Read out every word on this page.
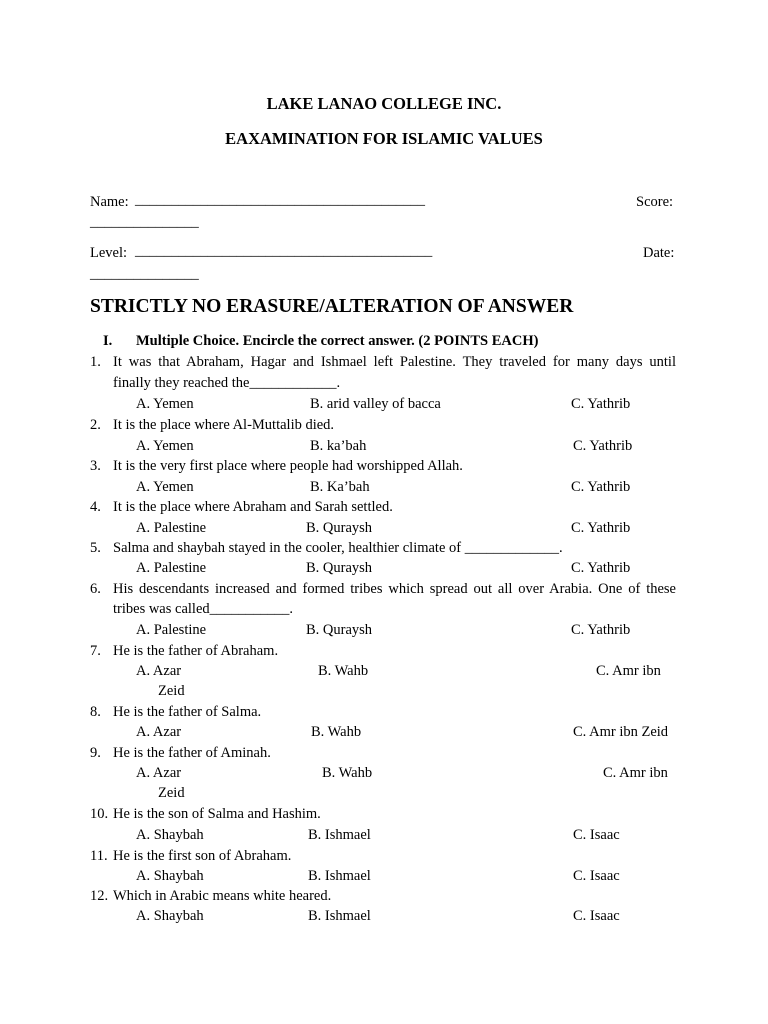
LAKE LANAO COLLEGE INC.
EAXAMINATION FOR ISLAMIC VALUES
Name: ________________________________________	Score:
_______________
Level: _________________________________________	Date:
_______________
STRICTLY NO ERASURE/ALTERATION OF ANSWER
I. Multiple Choice. Encircle the correct answer. (2 POINTS EACH)
1. It was that Abraham, Hagar and Ishmael left Palestine. They traveled for many days until
finally they reached the____________.
A. Yemen	B. arid valley of bacca	C. Yathrib
2. It is the place where Al-Muttalib died.
A. Yemen	B. ka’bah	C. Yathrib
3. It is the very first place where people had worshipped Allah.
A. Yemen	B. Ka’bah	C. Yathrib
4. It is the place where Abraham and Sarah settled.
A. Palestine	B. Quraysh	C. Yathrib
5. Salma and shaybah stayed in the cooler, healthier climate of _____________.
A. Palestine	B. Quraysh	C. Yathrib
6. His descendants increased and formed tribes which spread out all over Arabia. One of these
tribes was called___________.
A. Palestine	B. Quraysh	C. Yathrib
7. He is the father of Abraham.
A. Azar	B. Wahb	C. Amr ibn
Zeid
8. He is the father of Salma.
A. Azar	B. Wahb	C. Amr ibn Zeid
9. He is the father of Aminah.
A. Azar	B. Wahb	C. Amr ibn
Zeid
10. He is the son of Salma and Hashim.
A. Shaybah	B. Ishmael	C. Isaac
11. He is the first son of Abraham.
A. Shaybah	B. Ishmael	C. Isaac
12. Which in Arabic means white heared.
A. Shaybah	B. Ishmael	C. Isaac
